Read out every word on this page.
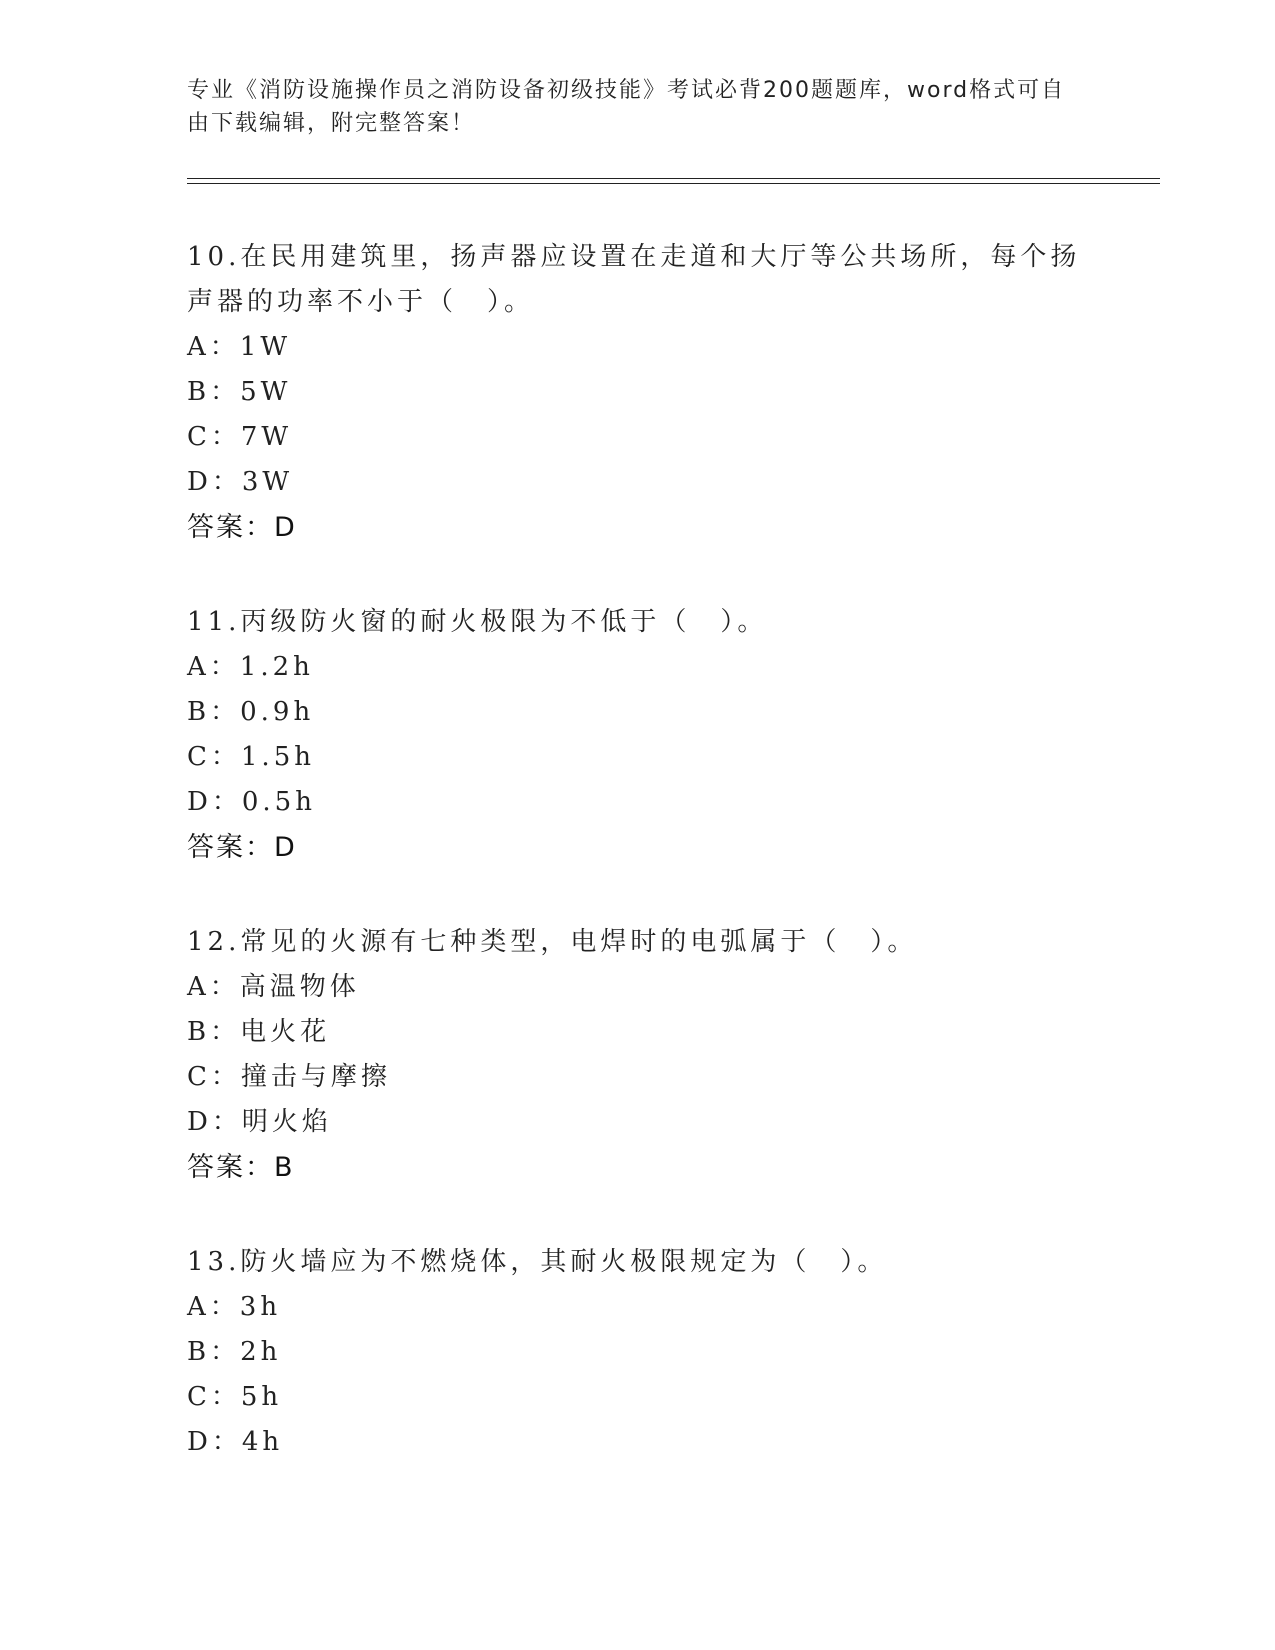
专业《消防设施操作员之消防设备初级技能》考试必背200题题库，word格式可自由下载编辑，附完整答案！
10.在民用建筑里，扬声器应设置在走道和大厅等公共场所，每个扬声器的功率不小于（　）。
A：1W
B：5W
C：7W
D：3W
答案：D
11.丙级防火窗的耐火极限为不低于（　）。
A：1.2h
B：0.9h
C：1.5h
D：0.5h
答案：D
12.常见的火源有七种类型，电焊时的电弧属于（　）。
A：高温物体
B：电火花
C：撞击与摩擦
D：明火焰
答案：B
13.防火墙应为不燃烧体，其耐火极限规定为（　）。
A：3h
B：2h
C：5h
D：4h
